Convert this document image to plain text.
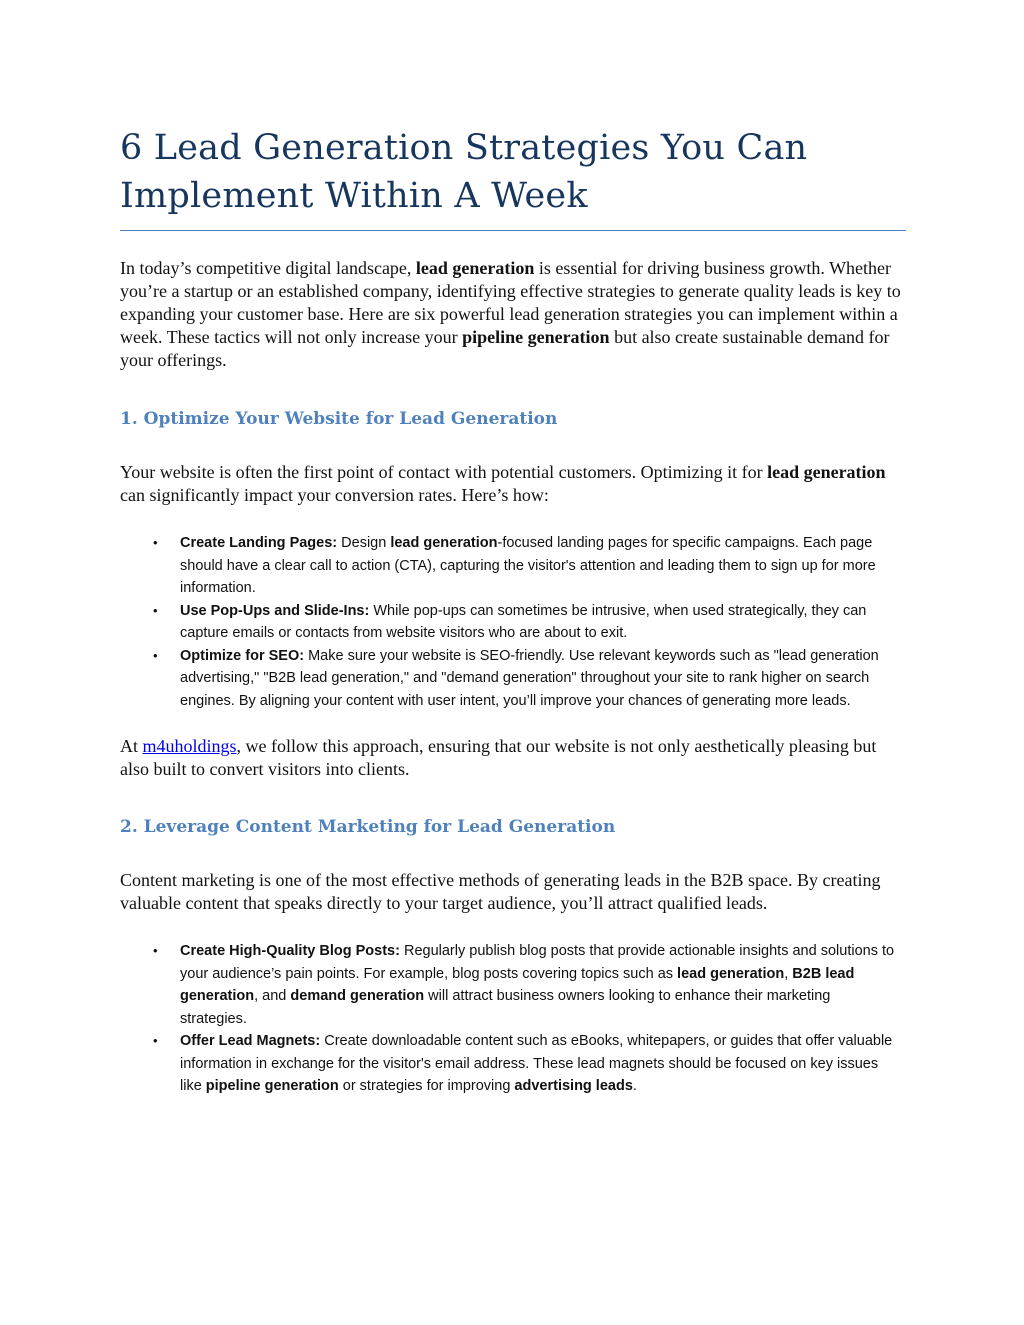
6 Lead Generation Strategies You Can Implement Within A Week

In today’s competitive digital landscape, lead generation is essential for driving business growth. Whether you’re a startup or an established company, identifying effective strategies to generate quality leads is key to expanding your customer base. Here are six powerful lead generation strategies you can implement within a week. These tactics will not only increase your pipeline generation but also create sustainable demand for your offerings.

1. Optimize Your Website for Lead Generation

Your website is often the first point of contact with potential customers. Optimizing it for lead generation can significantly impact your conversion rates. Here’s how:

• Create Landing Pages: Design lead generation-focused landing pages for specific campaigns. Each page should have a clear call to action (CTA), capturing the visitor's attention and leading them to sign up for more information.
• Use Pop-Ups and Slide-Ins: While pop-ups can sometimes be intrusive, when used strategically, they can capture emails or contacts from website visitors who are about to exit.
• Optimize for SEO: Make sure your website is SEO-friendly. Use relevant keywords such as "lead generation advertising," "B2B lead generation," and "demand generation" throughout your site to rank higher on search engines. By aligning your content with user intent, you’ll improve your chances of generating more leads.

At m4uholdings, we follow this approach, ensuring that our website is not only aesthetically pleasing but also built to convert visitors into clients.

2. Leverage Content Marketing for Lead Generation

Content marketing is one of the most effective methods of generating leads in the B2B space. By creating valuable content that speaks directly to your target audience, you’ll attract qualified leads.

• Create High-Quality Blog Posts: Regularly publish blog posts that provide actionable insights and solutions to your audience’s pain points. For example, blog posts covering topics such as lead generation, B2B lead generation, and demand generation will attract business owners looking to enhance their marketing strategies.
• Offer Lead Magnets: Create downloadable content such as eBooks, whitepapers, or guides that offer valuable information in exchange for the visitor's email address. These lead magnets should be focused on key issues like pipeline generation or strategies for improving advertising leads.
